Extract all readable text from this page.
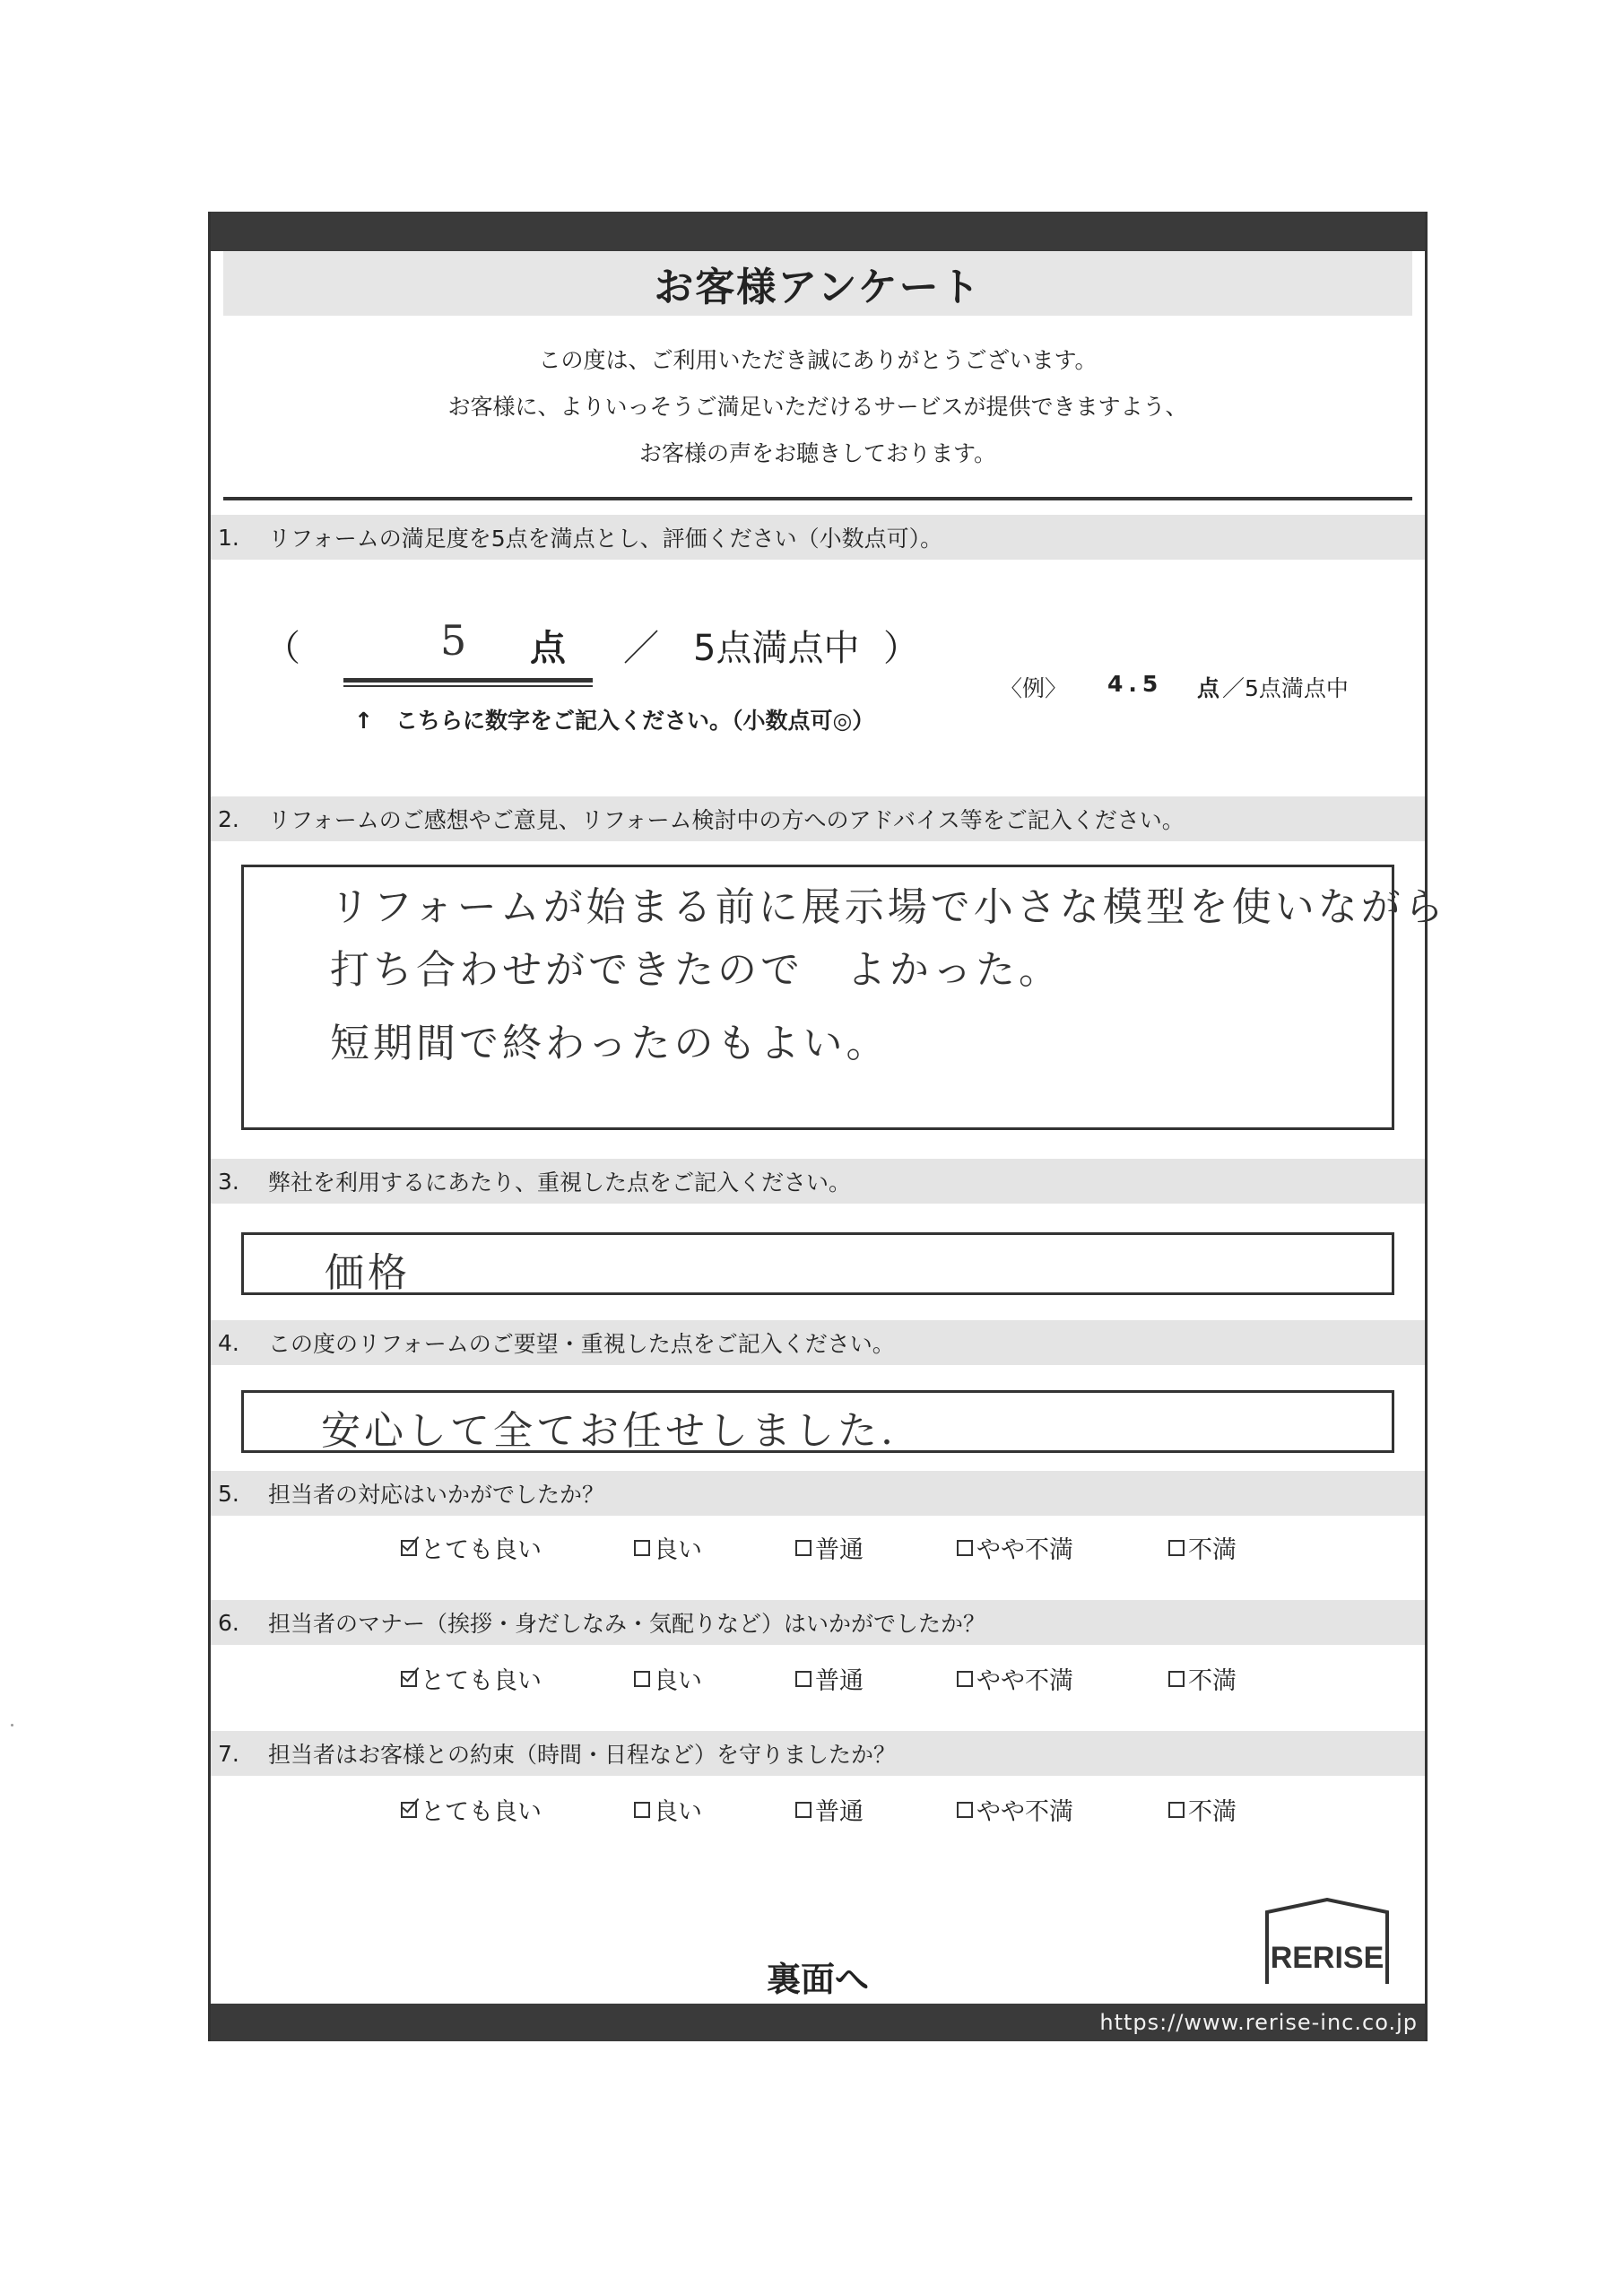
お客様アンケート
この度は、ご利用いただき誠にありがとうございます。
お客様に、よりいっそうご満足いただけるサービスが提供できますよう、
お客様の声をお聴きしております。
1.	リフォームの満足度を5点を満点とし、評価ください（小数点可）。
（	5 点 ／ 5点満点中 ）
〈例〉 4.5 点 ／5点満点中
↑　こちらに数字をご記入ください。（小数点可◎）
2.	リフォームのご感想やご意見、リフォーム検討中の方へのアドバイス等をご記入ください。
リフォームが始まる前に展示場で小さな模型を使いながら
打ち合わせができたので　よかった。
短期間で終わったのもよい。
3.	弊社を利用するにあたり、重視した点をご記入ください。
価格
4.	この度のリフォームのご要望・重視した点をご記入ください。
安心して全てお任せしました.
5.	担当者の対応はいかがでしたか？
とても良い	良い	普通	やや不満	不満
6.	担当者のマナー（挨拶・身だしなみ・気配りなど）はいかがでしたか？
とても良い	良い	普通	やや不満	不満
7.	担当者はお客様との約束（時間・日程など）を守りましたか？
とても良い	良い	普通	やや不満	不満
裏面へ
RERISE
https://www.rerise-inc.co.jp
